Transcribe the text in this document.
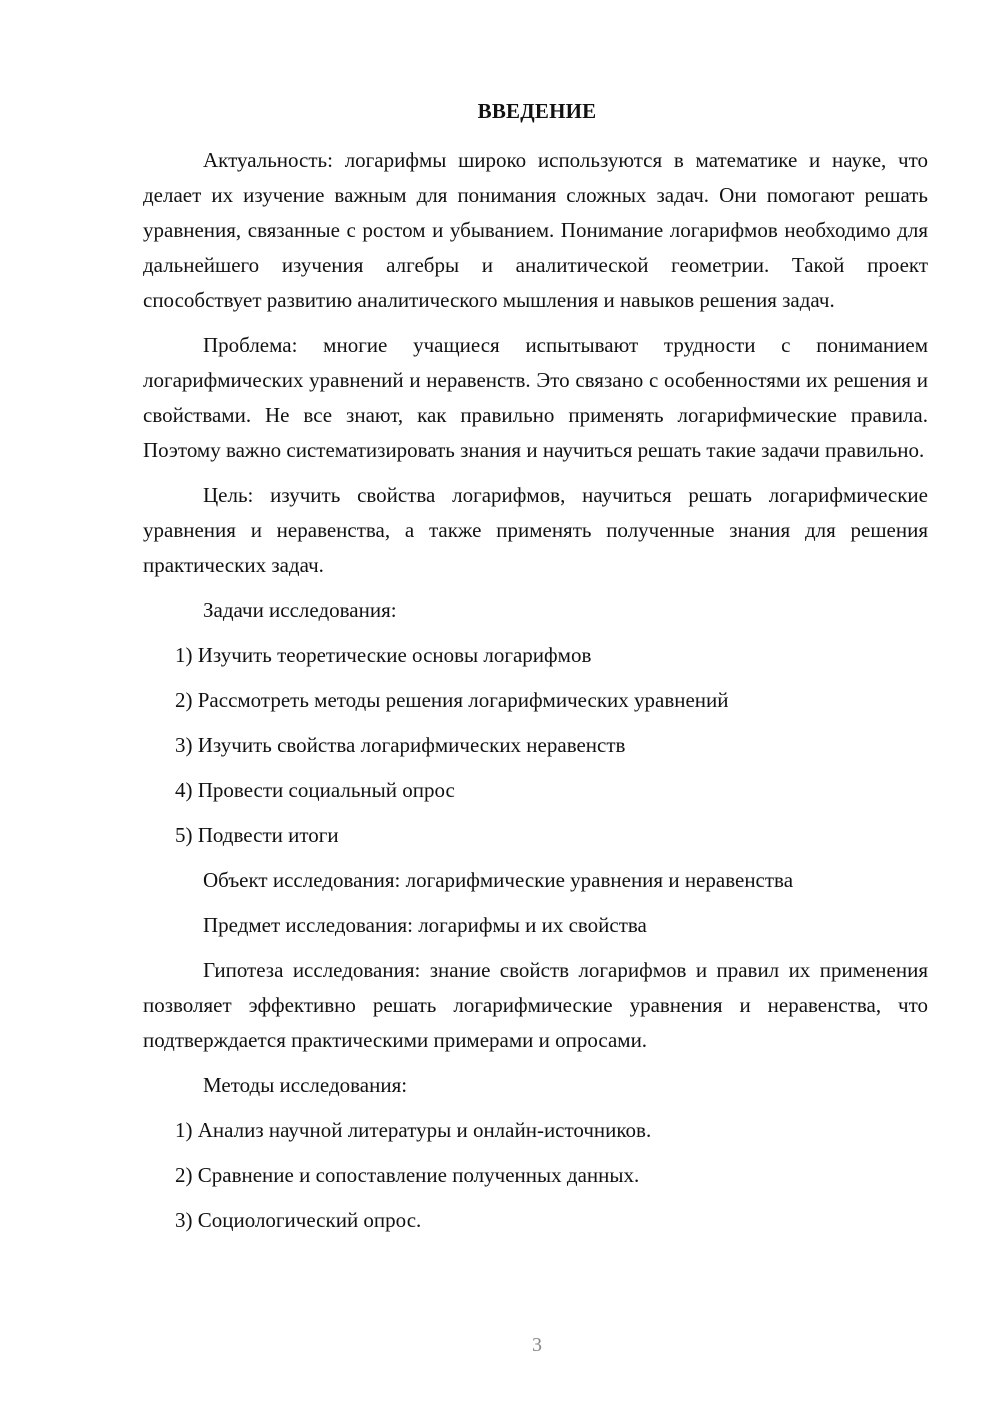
ВВЕДЕНИЕ

Актуальность: логарифмы широко используются в математике и науке, что делает их изучение важным для понимания сложных задач. Они помогают решать уравнения, связанные с ростом и убыванием. Понимание логарифмов необходимо для дальнейшего изучения алгебры и аналитической геометрии. Такой проект способствует развитию аналитического мышления и навыков решения задач.

Проблема: многие учащиеся испытывают трудности с пониманием логарифмических уравнений и неравенств. Это связано с особенностями их решения и свойствами. Не все знают, как правильно применять логарифмические правила. Поэтому важно систематизировать знания и научиться решать такие задачи правильно.

Цель: изучить свойства логарифмов, научиться решать логарифмические уравнения и неравенства, а также применять полученные знания для решения практических задач.

Задачи исследования:
1) Изучить теоретические основы логарифмов
2) Рассмотреть методы решения логарифмических уравнений
3) Изучить свойства логарифмических неравенств
4) Провести социальный опрос
5) Подвести итоги
Объект исследования: логарифмические уравнения и неравенства
Предмет исследования: логарифмы и их свойства

Гипотеза исследования: знание свойств логарифмов и правил их применения позволяет эффективно решать логарифмические уравнения и неравенства, что подтверждается практическими примерами и опросами.

Методы исследования:
1) Анализ научной литературы и онлайн-источников.
2) Сравнение и сопоставление полученных данных.
3) Социологический опрос.
3
